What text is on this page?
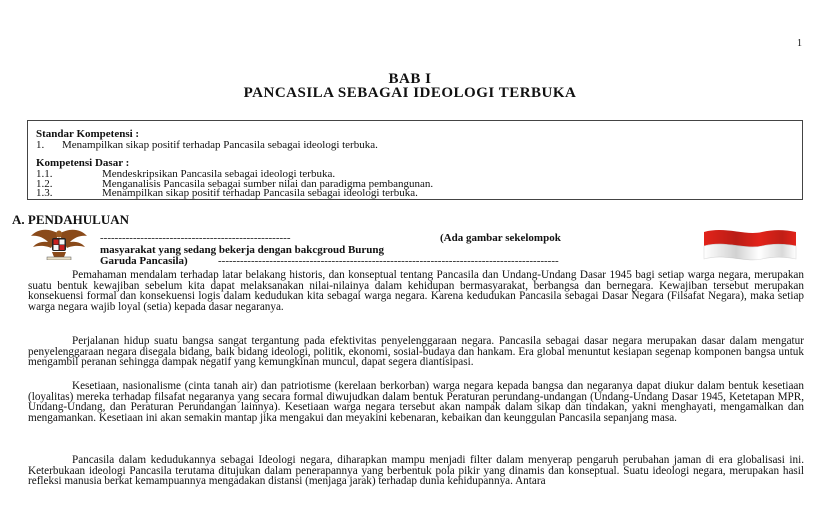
1
BAB I
PANCASILA SEBAGAI IDEOLOGI TERBUKA
Standar Kompetensi :
1. Menampilkan sikap positif terhadap Pancasila sebagai ideologi terbuka.
Kompetensi Dasar :
1.1.	Mendeskripsikan Pancasila sebagai ideologi terbuka.
1.2.	Menganalisis Pancasila sebagai sumber nilai dan paradigma pembangunan.
1.3.	Menampilkan sikap positif terhadap Pancasila sebagai ideologi terbuka.
A. PENDAHULUAN
----------------------------------------------------	(Ada gambar sekelompok
masyarakat yang sedang bekerja dengan bakcgroud Burung
Garuda Pancasila)	---------------------------------------------------------------------------------------------

Pemahaman mendalam terhadap latar belakang historis, dan konseptual tentang Pancasila dan Undang-Undang Dasar 1945 bagi setiap warga negara, merupakan suatu bentuk kewajiban sebelum kita dapat melaksanakan nilai-nilainya dalam kehidupan bermasyarakat, berbangsa dan bernegara. Kewajiban tersebut merupakan konsekuensi formal dan konsekuensi logis dalam kedudukan kita sebagai warga negara. Karena kedudukan Pancasila sebagai Dasar Negara (Filsafat Negara), maka setiap warga negara wajib loyal (setia) kepada dasar negaranya.

Perjalanan hidup suatu bangsa sangat tergantung pada efektivitas penyelenggaraan negara. Pancasila sebagai dasar negara merupakan dasar dalam mengatur penyelenggaraan negara disegala bidang, baik bidang ideologi, politik, ekonomi, sosial-budaya dan hankam. Era global menuntut kesiapan segenap komponen bangsa untuk mengambil peranan sehingga dampak negatif yang kemungkinan muncul, dapat segera diantisipasi.

Kesetiaan, nasionalisme (cinta tanah air) dan patriotisme (kerelaan berkorban) warga negara kepada bangsa dan negaranya dapat diukur dalam bentuk kesetiaan (loyalitas) mereka terhadap filsafat negaranya yang secara formal diwujudkan dalam bentuk Peraturan perundang-undangan (Undang-Undang Dasar 1945, Ketetapan MPR, Undang-Undang, dan Peraturan Perundangan lainnya). Kesetiaan warga negara tersebut akan nampak dalam sikap dan tindakan, yakni menghayati, mengamalkan dan mengamankan. Kesetiaan ini akan semakin mantap jika mengakui dan meyakini kebenaran, kebaikan dan keunggulan Pancasila sepanjang masa.

Pancasila dalam kedudukannya sebagai Ideologi negara, diharapkan mampu menjadi filter dalam menyerap pengaruh perubahan jaman di era globalisasi ini. Keterbukaan ideologi Pancasila terutama ditujukan dalam penerapannya yang berbentuk pola pikir yang dinamis dan konseptual. Suatu ideologi negara, merupakan hasil refleksi manusia berkat kemampuannya mengadakan distansi (menjaga jarak) terhadap dunia kehidupannya. Antara
